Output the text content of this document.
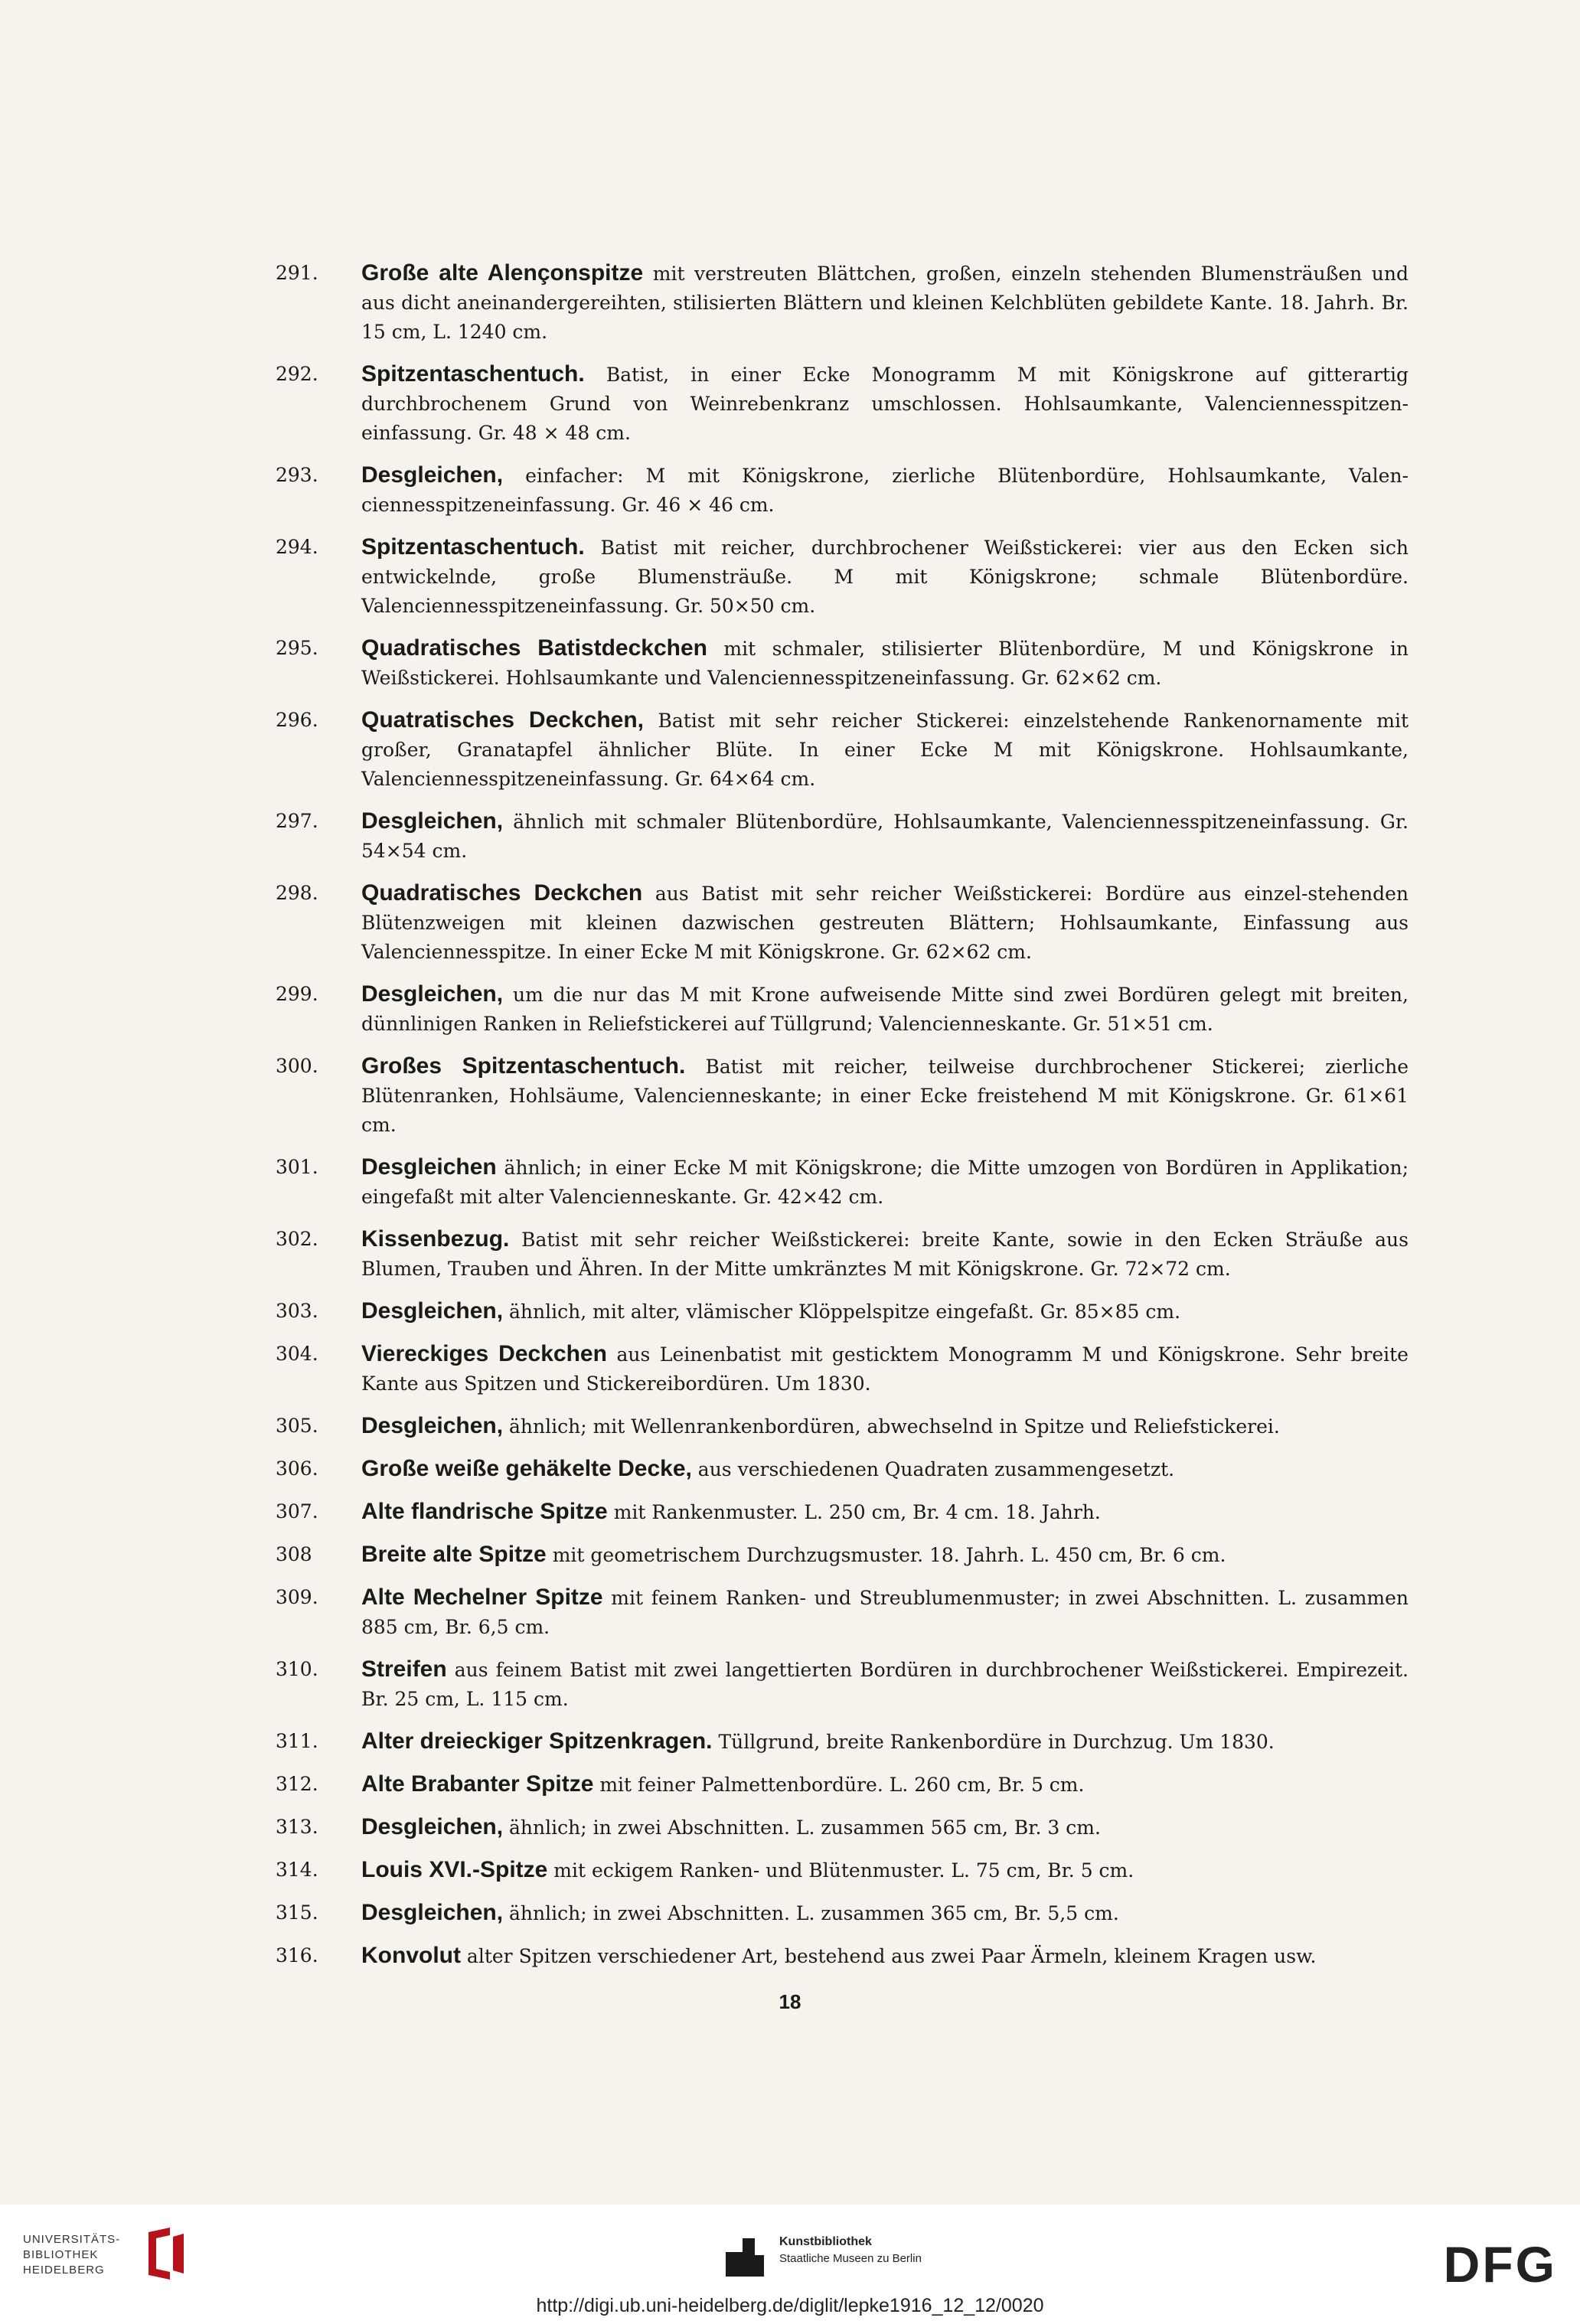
291. Große alte Alençonspitze mit verstreuten Blättchen, großen, einzeln stehenden Blumensträußen und aus dicht aneinandergereihten, stilisierten Blättern und kleinen Kelchblüten gebildete Kante. 18. Jahrh. Br. 15 cm, L. 1240 cm.
292. Spitzentaschentuch. Batist, in einer Ecke Monogramm M mit Königskrone auf gitterartig durchbrochenem Grund von Weinrebenkranz umschlossen. Hohlsaumkante, Valenciennesspitzen-einfassung. Gr. 48 × 48 cm.
293. Desgleichen, einfacher: M mit Königskrone, zierliche Blütenbordüre, Hohlsaumkante, Valen-ciennesspitzeneinfassung. Gr. 46 × 46 cm.
294. Spitzentaschentuch. Batist mit reicher, durchbrochener Weißstickerei: vier aus den Ecken sich entwickelnde, große Blumensträuße. M mit Königskrone; schmale Blütenbordüre. Valenciennesspitzeneinfassung. Gr. 50×50 cm.
295. Quadratisches Batistdeckchen mit schmaler, stilisierter Blütenbordüre, M und Königskrone in Weißstickerei. Hohlsaumkante und Valenciennesspitzeneinfassung. Gr. 62×62 cm.
296. Quatratisches Deckchen, Batist mit sehr reicher Stickerei: einzelstehende Rankenornamente mit großer, Granatapfel ähnlicher Blüte. In einer Ecke M mit Königskrone. Hohlsaumkante, Valenciennesspitzeneinfassung. Gr. 64×64 cm.
297. Desgleichen, ähnlich mit schmaler Blütenbordüre, Hohlsaumkante, Valenciennesspitzeneinfassung. Gr. 54×54 cm.
298. Quadratisches Deckchen aus Batist mit sehr reicher Weißstickerei: Bordüre aus einzel-stehenden Blütenzweigen mit kleinen dazwischen gestreuten Blättern; Hohlsaumkante, Einfassung aus Valenciennesspitze. In einer Ecke M mit Königskrone. Gr. 62×62 cm.
299. Desgleichen, um die nur das M mit Krone aufweisende Mitte sind zwei Bordüren gelegt mit breiten, dünnlinigen Ranken in Reliefstickerei auf Tüllgrund; Valencienneskante. Gr. 51×51 cm.
300. Großes Spitzentaschentuch. Batist mit reicher, teilweise durchbrochener Stickerei; zierliche Blütenranken, Hohlsäume, Valencienneskante; in einer Ecke freistehend M mit Königskrone. Gr. 61×61 cm.
301. Desgleichen ähnlich; in einer Ecke M mit Königskrone; die Mitte umzogen von Bordüren in Applikation; eingefaßt mit alter Valencienneskante. Gr. 42×42 cm.
302. Kissenbezug. Batist mit sehr reicher Weißstickerei: breite Kante, sowie in den Ecken Sträuße aus Blumen, Trauben und Ähren. In der Mitte umkränztes M mit Königskrone. Gr. 72×72 cm.
303. Desgleichen, ähnlich, mit alter, vlämischer Klöppelspitze eingefaßt. Gr. 85×85 cm.
304. Viereckiges Deckchen aus Leinenbatist mit gesticktem Monogramm M und Königskrone. Sehr breite Kante aus Spitzen und Stickereibordüren. Um 1830.
305. Desgleichen, ähnlich; mit Wellenrankenbordüren, abwechselnd in Spitze und Reliefstickerei.
306. Große weiße gehäkelte Decke, aus verschiedenen Quadraten zusammengesetzt.
307. Alte flandrische Spitze mit Rankenmuster. L. 250 cm, Br. 4 cm. 18. Jahrh.
308 Breite alte Spitze mit geometrischem Durchzugsmuster. 18. Jahrh. L. 450 cm, Br. 6 cm.
309. Alte Mechelner Spitze mit feinem Ranken- und Streublumenmuster; in zwei Abschnitten. L. zusammen 885 cm, Br. 6,5 cm.
310. Streifen aus feinem Batist mit zwei langettierten Bordüren in durchbrochener Weißstickerei. Empirezeit. Br. 25 cm, L. 115 cm.
311. Alter dreieckiger Spitzenkragen. Tüllgrund, breite Rankenbordüre in Durchzug. Um 1830.
312. Alte Brabanter Spitze mit feiner Palmettenbordüre. L. 260 cm, Br. 5 cm.
313. Desgleichen, ähnlich; in zwei Abschnitten. L. zusammen 565 cm, Br. 3 cm.
314. Louis XVI.-Spitze mit eckigem Ranken- und Blütenmuster. L. 75 cm, Br. 5 cm.
315. Desgleichen, ähnlich; in zwei Abschnitten. L. zusammen 365 cm, Br. 5,5 cm.
316. Konvolut alter Spitzen verschiedener Art, bestehend aus zwei Paar Ärmeln, kleinem Kragen usw.
18
UNIVERSITÄTS-
BIBLIOTHEK
HEIDELBERG
Kunstbibliothek
Staatliche Museen zu Berlin	DFG
http://digi.ub.uni-heidelberg.de/diglit/lepke1916_12_12/0020
